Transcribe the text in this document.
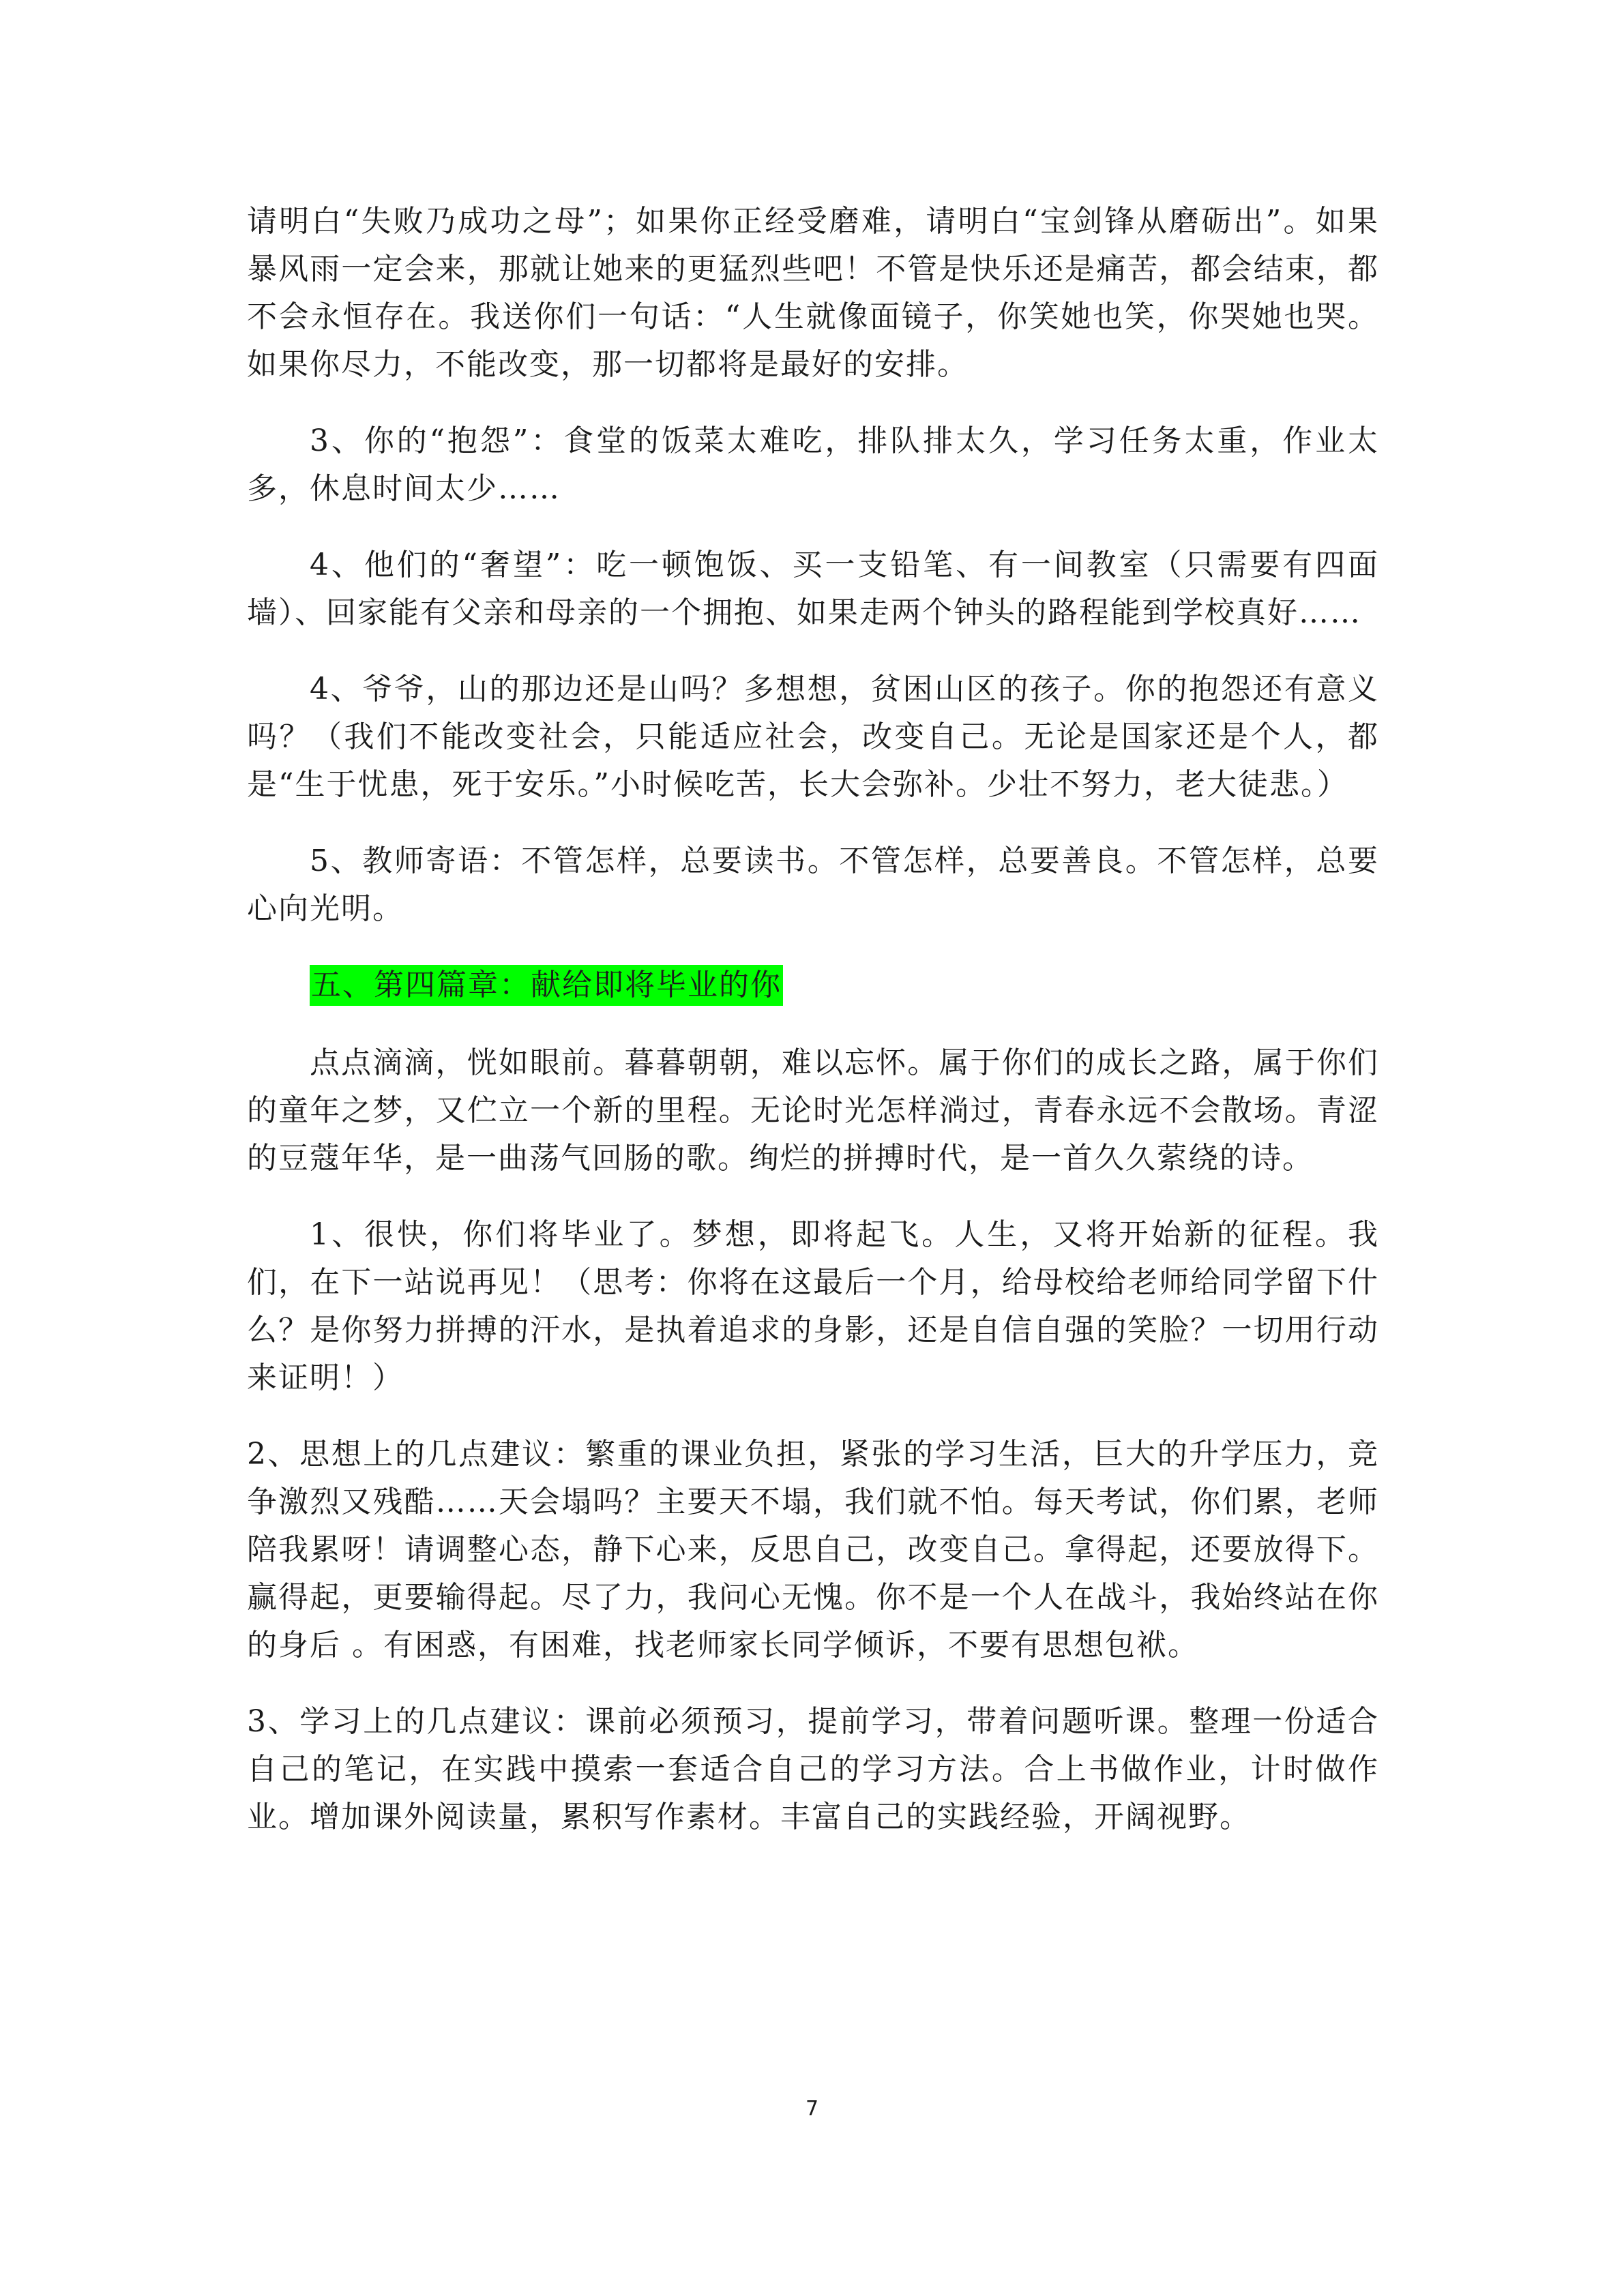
请明白“失败乃成功之母”；如果你正经受磨难，请明白“宝剑锋从磨砺出”。如果暴风雨一定会来，那就让她来的更猛烈些吧！不管是快乐还是痛苦，都会结束，都不会永恒存在。我送你们一句话：“人生就像面镜子，你笑她也笑，你哭她也哭。如果你尽力，不能改变，那一切都将是最好的安排。

3、你的“抱怨”：食堂的饭菜太难吃，排队排太久，学习任务太重，作业太多，休息时间太少……

4、他们的“奢望”：吃一顿饱饭、买一支铅笔、有一间教室（只需要有四面墙）、回家能有父亲和母亲的一个拥抱、如果走两个钟头的路程能到学校真好……

4、爷爷，山的那边还是山吗？多想想，贫困山区的孩子。你的抱怨还有意义吗？（我们不能改变社会，只能适应社会，改变自己。无论是国家还是个人，都是“生于忧患，死于安乐。”小时候吃苦，长大会弥补。少壮不努力，老大徒悲。）

5、教师寄语：不管怎样，总要读书。不管怎样，总要善良。不管怎样，总要心向光明。

五、第四篇章：献给即将毕业的你

点点滴滴，恍如眼前。暮暮朝朝，难以忘怀。属于你们的成长之路，属于你们的童年之梦，又伫立一个新的里程。无论时光怎样淌过，青春永远不会散场。青涩的豆蔻年华，是一曲荡气回肠的歌。绚烂的拼搏时代，是一首久久萦绕的诗。

1、很快，你们将毕业了。梦想，即将起飞。人生，又将开始新的征程。我们，在下一站说再见！（思考：你将在这最后一个月，给母校给老师给同学留下什么？是你努力拼搏的汗水，是执着追求的身影，还是自信自强的笑脸？一切用行动来证明！）

2、思想上的几点建议：繁重的课业负担，紧张的学习生活，巨大的升学压力，竞争激烈又残酷……天会塌吗？主要天不塌，我们就不怕。每天考试，你们累，老师陪我累呀！请调整心态，静下心来，反思自己，改变自己。拿得起，还要放得下。赢得起，更要输得起。尽了力，我问心无愧。你不是一个人在战斗，我始终站在你的身后 。有困惑，有困难，找老师家长同学倾诉，不要有思想包袱。

3、学习上的几点建议：课前必须预习，提前学习，带着问题听课。整理一份适合自己的笔记，在实践中摸索一套适合自己的学习方法。合上书做作业，计时做作业。增加课外阅读量，累积写作素材。丰富自己的实践经验，开阔视野。

7
